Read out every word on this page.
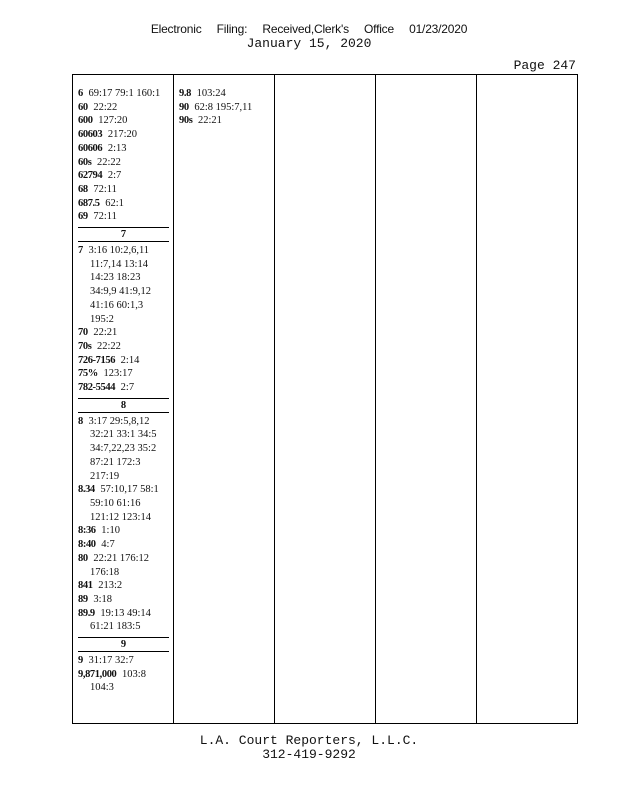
Electronic Filing: Received,Clerk's Office 01/23/2020
January 15, 2020
Page 247
6 69:17 79:1 160:1
60 22:22
600 127:20
60603 217:20
60606 2:13
60s 22:22
62794 2:7
68 72:11
687.5 62:1
69 72:11
7
7 3:16 10:2,6,11
11:7,14 13:14
14:23 18:23
34:9,9 41:9,12
41:16 60:1,3
195:2
70 22:21
70s 22:22
726-7156 2:14
75% 123:17
782-5544 2:7
8
8 3:17 29:5,8,12
32:21 33:1 34:5
34:7,22,23 35:2
87:21 172:3
217:19
8.34 57:10,17 58:1
59:10 61:16
121:12 123:14
8:36 1:10
8:40 4:7
80 22:21 176:12
176:18
841 213:2
89 3:18
89.9 19:13 49:14
61:21 183:5
9
9 31:17 32:7
9,871,000 103:8
104:3
9.8 103:24
90 62:8 195:7,11
90s 22:21
L.A. Court Reporters, L.L.C.
312-419-9292
